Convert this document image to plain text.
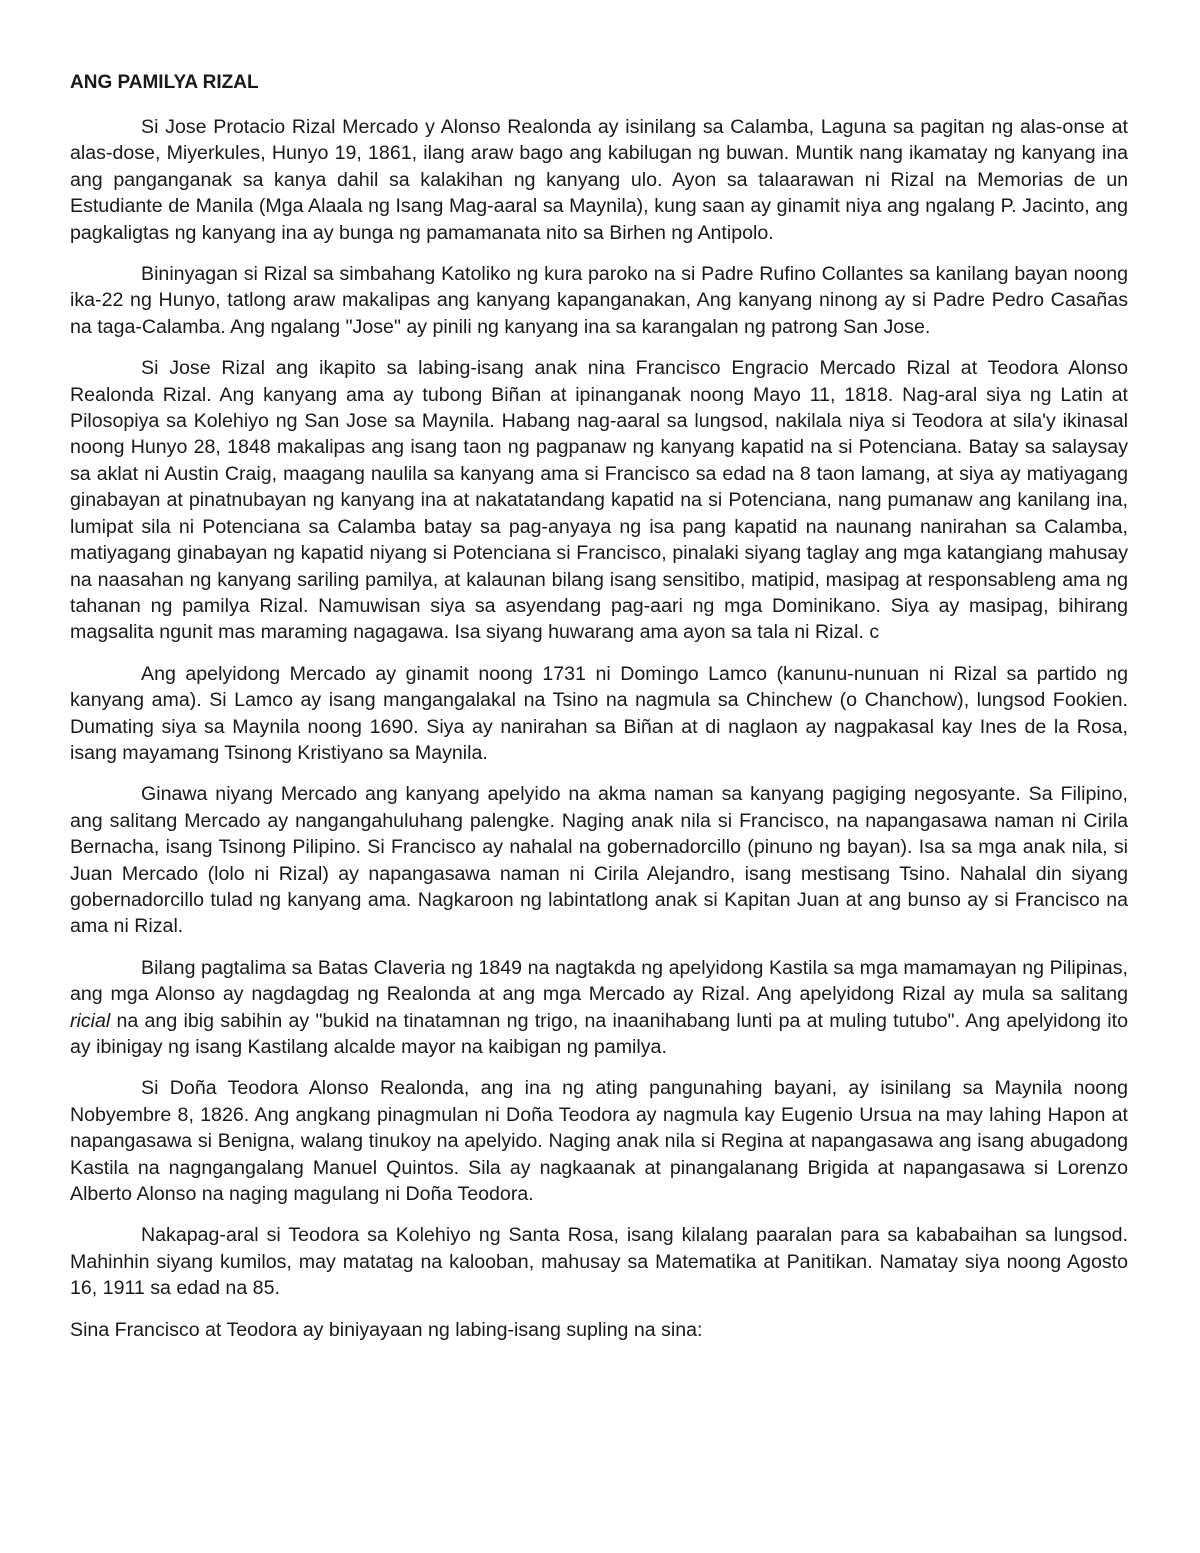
ANG PAMILYA RIZAL

Si Jose Protacio Rizal Mercado y Alonso Realonda ay isinilang sa Calamba, Laguna sa pagitan ng alas-onse at alas-dose, Miyerkules, Hunyo 19, 1861, ilang araw bago ang kabilugan ng buwan. Muntik nang ikamatay ng kanyang ina ang panganganak sa kanya dahil sa kalakihan ng kanyang ulo. Ayon sa talaarawan ni Rizal na Memorias de un Estudiante de Manila (Mga Alaala ng Isang Mag-aaral sa Maynila), kung saan ay ginamit niya ang ngalang P. Jacinto, ang pagkaligtas ng kanyang ina ay bunga ng pamamanata nito sa Birhen ng Antipolo.

Bininyagan si Rizal sa simbahang Katoliko ng kura paroko na si Padre Rufino Collantes sa kanilang bayan noong ika-22 ng Hunyo, tatlong araw makalipas ang kanyang kapanganakan, Ang kanyang ninong ay si Padre Pedro Casañas na taga-Calamba. Ang ngalang "Jose" ay pinili ng kanyang ina sa karangalan ng patrong San Jose.

Si Jose Rizal ang ikapito sa labing-isang anak nina Francisco Engracio Mercado Rizal at Teodora Alonso Realonda Rizal. Ang kanyang ama ay tubong Biñan at ipinanganak noong Mayo 11, 1818. Nag-aral siya ng Latin at Pilosopiya sa Kolehiyo ng San Jose sa Maynila. Habang nag-aaral sa lungsod, nakilala niya si Teodora at sila'y ikinasal noong Hunyo 28, 1848 makalipas ang isang taon ng pagpanaw ng kanyang kapatid na si Potenciana. Batay sa salaysay sa aklat ni Austin Craig, maagang naulila sa kanyang ama si Francisco sa edad na 8 taon lamang, at siya ay matiyagang ginabayan at pinatnubayan ng kanyang ina at nakatatandang kapatid na si Potenciana, nang pumanaw ang kanilang ina, lumipat sila ni Potenciana sa Calamba batay sa pag-anyaya ng isa pang kapatid na naunang nanirahan sa Calamba, matiyagang ginabayan ng kapatid niyang si Potenciana si Francisco, pinalaki siyang taglay ang mga katangiang mahusay na naasahan ng kanyang sariling pamilya, at kalaunan bilang isang sensitibo, matipid, masipag at responsableng ama ng tahanan ng pamilya Rizal. Namuwisan siya sa asyendang pag-aari ng mga Dominikano. Siya ay masipag, bihirang magsalita ngunit mas maraming nagagawa. Isa siyang huwarang ama ayon sa tala ni Rizal. c

Ang apelyidong Mercado ay ginamit noong 1731 ni Domingo Lamco (kanunu-nunuan ni Rizal sa partido ng kanyang ama). Si Lamco ay isang mangangalakal na Tsino na nagmula sa Chinchew (o Chanchow), lungsod Fookien. Dumating siya sa Maynila noong 1690. Siya ay nanirahan sa Biñan at di naglaon ay nagpakasal kay Ines de la Rosa, isang mayamang Tsinong Kristiyano sa Maynila.

Ginawa niyang Mercado ang kanyang apelyido na akma naman sa kanyang pagiging negosyante. Sa Filipino, ang salitang Mercado ay nangangahuluhang palengke. Naging anak nila si Francisco, na napangasawa naman ni Cirila Bernacha, isang Tsinong Pilipino. Si Francisco ay nahalal na gobernadorcillo (pinuno ng bayan). Isa sa mga anak nila, si Juan Mercado (lolo ni Rizal) ay napangasawa naman ni Cirila Alejandro, isang mestisang Tsino. Nahalal din siyang gobernadorcillo tulad ng kanyang ama. Nagkaroon ng labintatlong anak si Kapitan Juan at ang bunso ay si Francisco na ama ni Rizal.

Bilang pagtalima sa Batas Claveria ng 1849 na nagtakda ng apelyidong Kastila sa mga mamamayan ng Pilipinas, ang mga Alonso ay nagdagdag ng Realonda at ang mga Mercado ay Rizal. Ang apelyidong Rizal ay mula sa salitang ricial na ang ibig sabihin ay "bukid na tinatamnan ng trigo, na inaanihabang lunti pa at muling tutubo". Ang apelyidong ito ay ibinigay ng isang Kastilang alcalde mayor na kaibigan ng pamilya.

Si Doña Teodora Alonso Realonda, ang ina ng ating pangunahing bayani, ay isinilang sa Maynila noong Nobyembre 8, 1826. Ang angkang pinagmulan ni Doña Teodora ay nagmula kay Eugenio Ursua na may lahing Hapon at napangasawa si Benigna, walang tinukoy na apelyido. Naging anak nila si Regina at napangasawa ang isang abugadong Kastila na nagngangalang Manuel Quintos. Sila ay nagkaanak at pinangalanang Brigida at napangasawa si Lorenzo Alberto Alonso na naging magulang ni Doña Teodora.

Nakapag-aral si Teodora sa Kolehiyo ng Santa Rosa, isang kilalang paaralan para sa kababaihan sa lungsod. Mahinhin siyang kumilos, may matatag na kalooban, mahusay sa Matematika at Panitikan. Namatay siya noong Agosto 16, 1911 sa edad na 85.

Sina Francisco at Teodora ay biniyayaan ng labing-isang supling na sina:
